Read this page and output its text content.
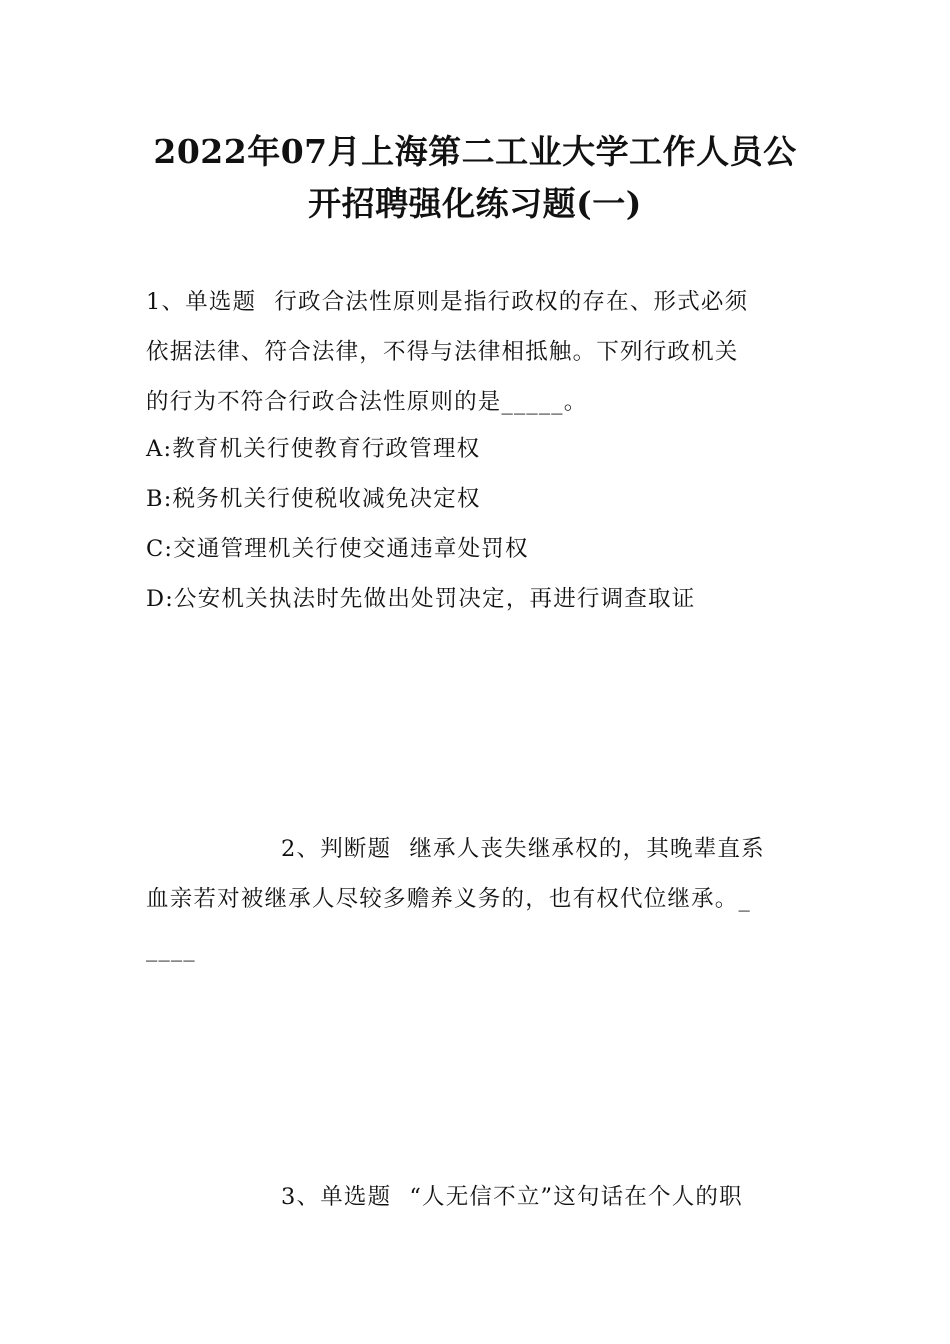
2022年07月上海第二工业大学工作人员公
开招聘强化练习题(一)
1、单选题 行政合法性原则是指行政权的存在、形式必须
依据法律、符合法律，不得与法律相抵触。下列行政机关
的行为不符合行政合法性原则的是_____。
A:教育机关行使教育行政管理权
B:税务机关行使税收减免决定权
C:交通管理机关行使交通违章处罚权
D:公安机关执法时先做出处罚决定，再进行调查取证
2、判断题 继承人丧失继承权的，其晚辈直系
血亲若对被继承人尽较多赡养义务的，也有权代位继承。_
____
3、单选题 “人无信不立”这句话在个人的职
